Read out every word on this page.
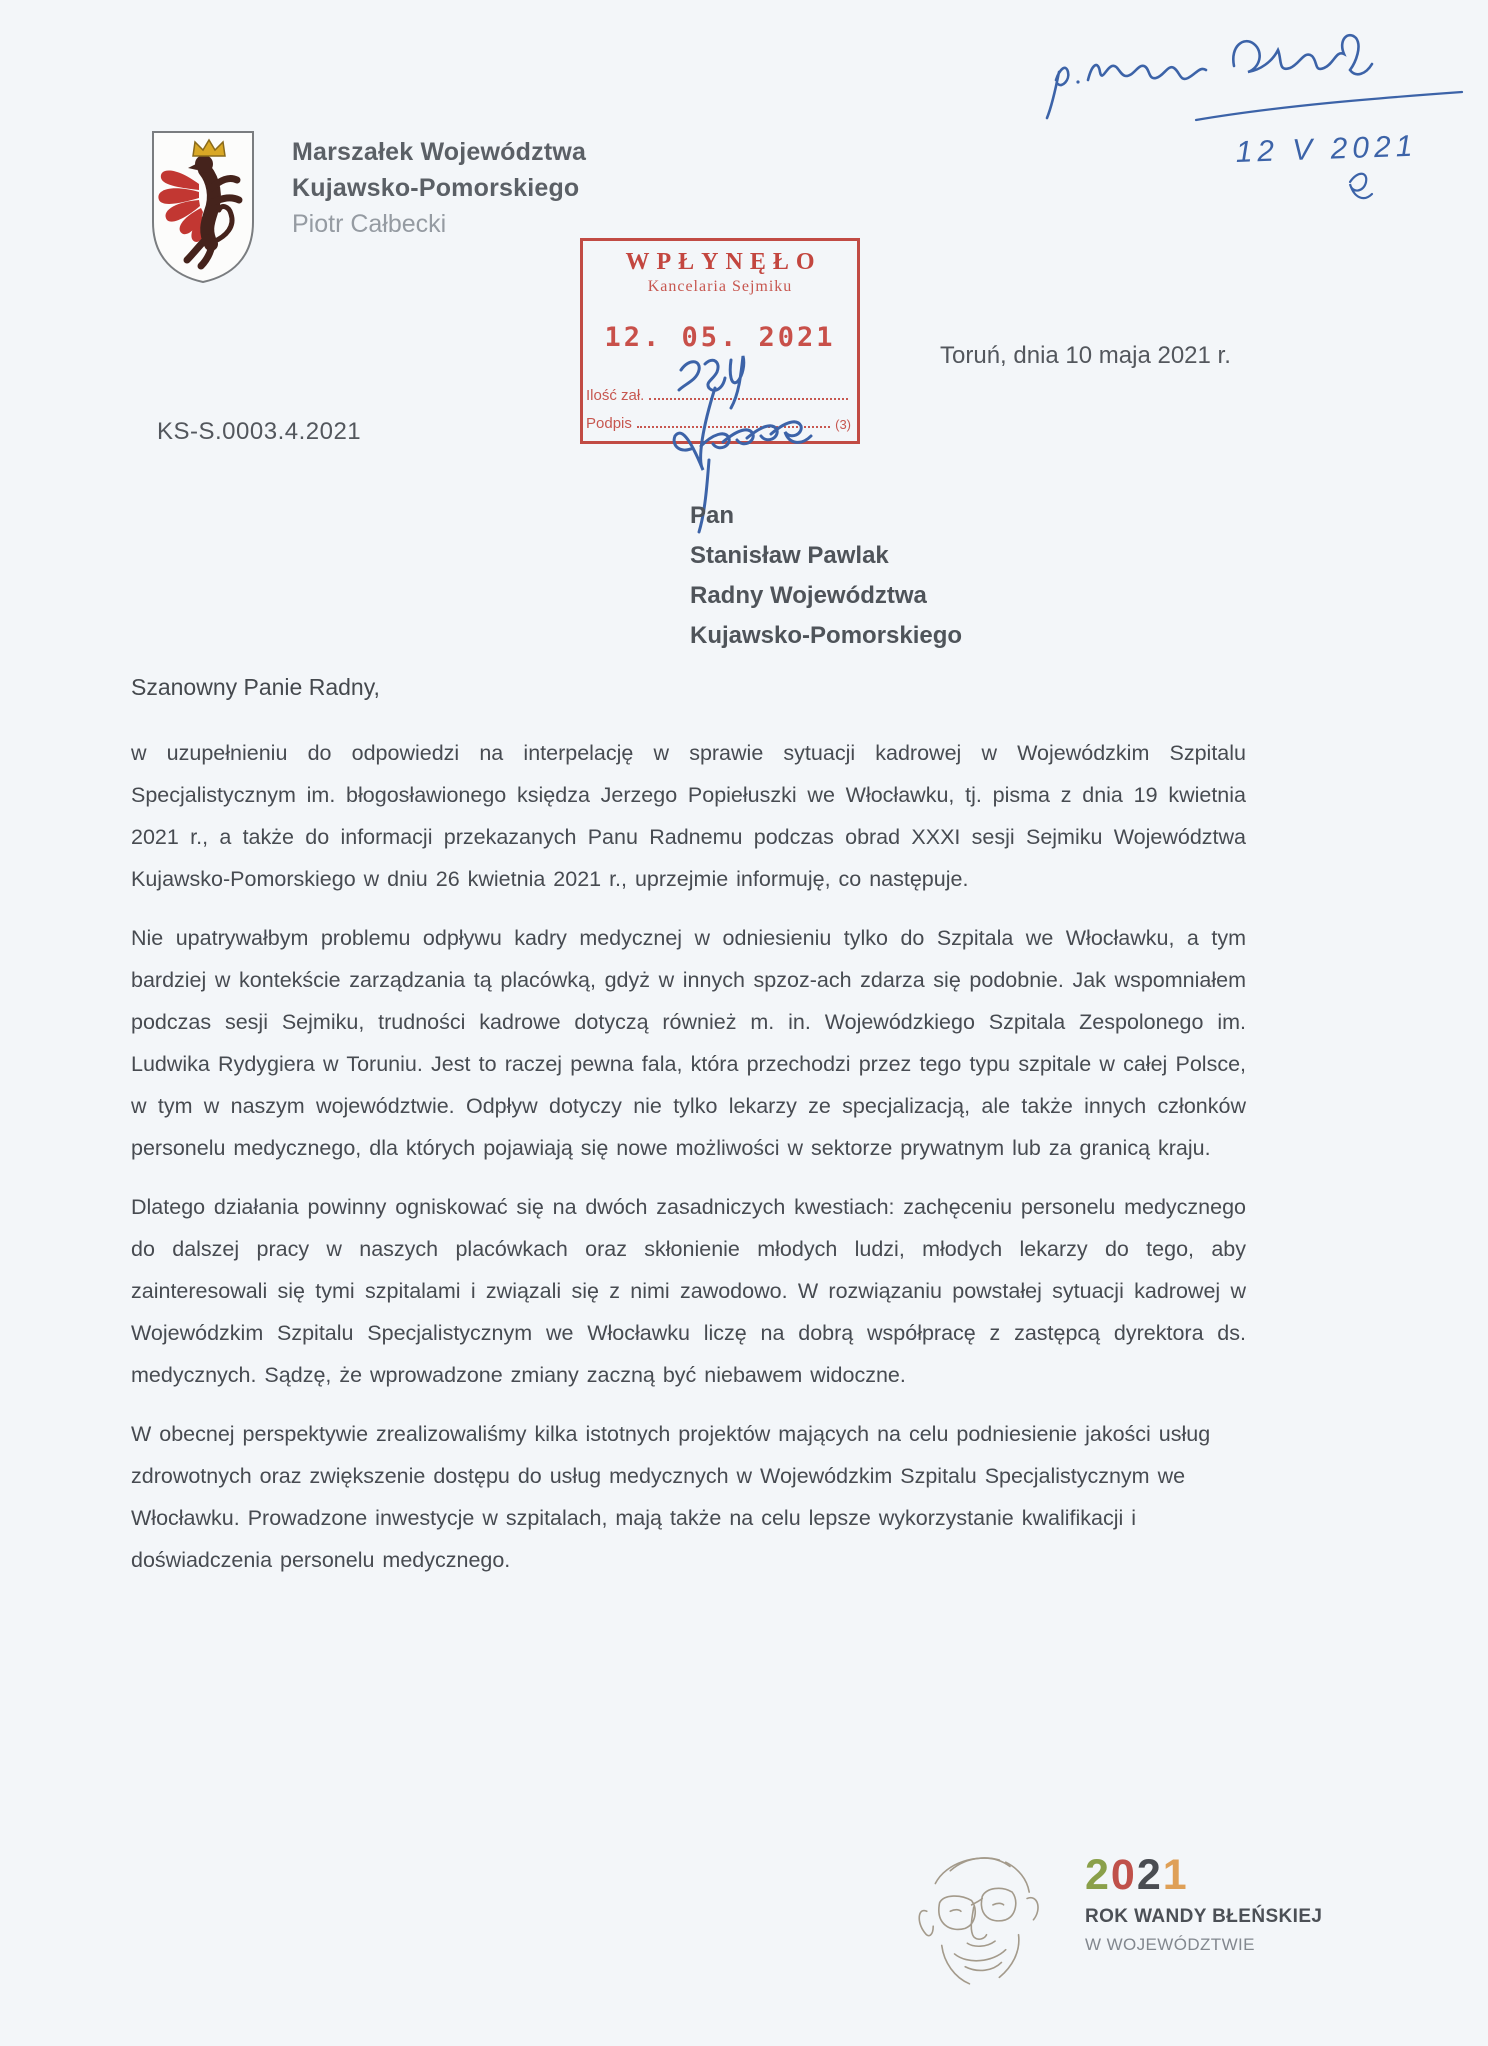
Marszałek Województwa
Kujawsko-Pomorskiego
Piotr Całbecki
12 V 2021
WPŁYNĘŁO
Kancelaria Sejmiku
12. 05. 2021
Ilość zał.
Podpis	(3)
Toruń, dnia 10 maja 2021 r.
KS-S.0003.4.2021
Pan
Stanisław Pawlak
Radny Województwa
Kujawsko-Pomorskiego
Szanowny Panie Radny,

w uzupełnieniu do odpowiedzi na interpelację w sprawie sytuacji kadrowej w Wojewódzkim Szpitalu Specjalistycznym im. błogosławionego księdza Jerzego Popiełuszki we Włocławku, tj. pisma z dnia 19 kwietnia 2021 r., a także do informacji przekazanych Panu Radnemu podczas obrad XXXI sesji Sejmiku Województwa Kujawsko-Pomorskiego w dniu 26 kwietnia 2021 r., uprzejmie informuję, co następuje.

Nie upatrywałbym problemu odpływu kadry medycznej w odniesieniu tylko do Szpitala we Włocławku, a tym bardziej w kontekście zarządzania tą placówką, gdyż w innych spzoz-ach zdarza się podobnie. Jak wspomniałem podczas sesji Sejmiku, trudności kadrowe dotyczą również m. in. Wojewódzkiego Szpitala Zespolonego im. Ludwika Rydygiera w Toruniu. Jest to raczej pewna fala, która przechodzi przez tego typu szpitale w całej Polsce, w tym w naszym województwie. Odpływ dotyczy nie tylko lekarzy ze specjalizacją, ale także innych członków personelu medycznego, dla których pojawiają się nowe możliwości w sektorze prywatnym lub za granicą kraju.

Dlatego działania powinny ogniskować się na dwóch zasadniczych kwestiach: zachęceniu personelu medycznego do dalszej pracy w naszych placówkach oraz skłonienie młodych ludzi, młodych lekarzy do tego, aby zainteresowali się tymi szpitalami i związali się z nimi zawodowo. W rozwiązaniu powstałej sytuacji kadrowej w Wojewódzkim Szpitalu Specjalistycznym we Włocławku liczę na dobrą współpracę z zastępcą dyrektora ds. medycznych. Sądzę, że wprowadzone zmiany zaczną być niebawem widoczne.

W obecnej perspektywie zrealizowaliśmy kilka istotnych projektów mających na celu podniesienie jakości usług zdrowotnych oraz zwiększenie dostępu do usług medycznych w Wojewódzkim Szpitalu Specjalistycznym we Włocławku. Prowadzone inwestycje w szpitalach, mają także na celu lepsze wykorzystanie kwalifikacji i doświadczenia personelu medycznego.

2021
ROK WANDY BŁEŃSKIEJ
W WOJEWÓDZTWIE
